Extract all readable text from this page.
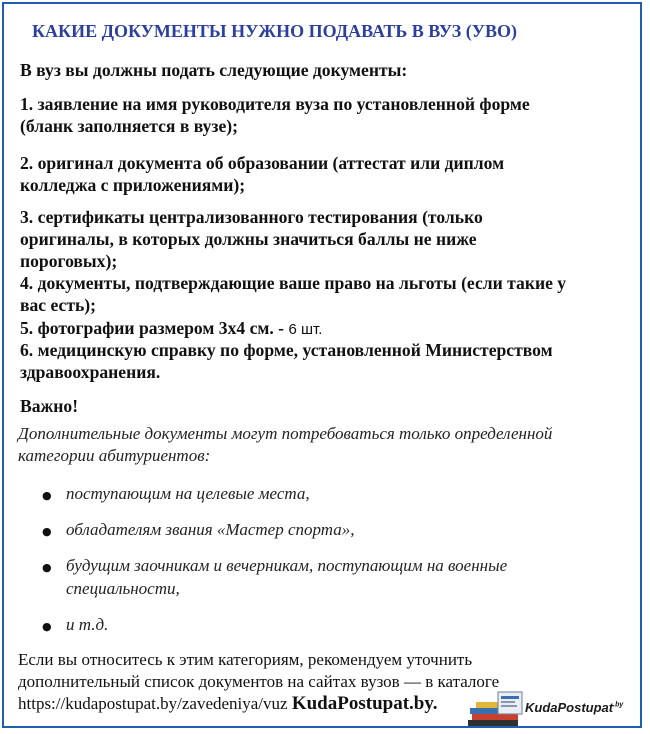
КАКИЕ ДОКУМЕНТЫ НУЖНО ПОДАВАТЬ В ВУЗ (УВО)
В вуз вы должны подать следующие документы:
1. заявление на имя руководителя вуза по установленной форме
(бланк заполняется в вузе);
2. оригинал документа об образовании (аттестат или диплом
колледжа с приложениями);
3. сертификаты централизованного тестирования (только
оригиналы, в которых должны значиться баллы не ниже
пороговых);
4. документы, подтверждающие ваше право на льготы (если такие у
вас есть);
5. фотографии размером 3х4 см. - 6 шт.
6. медицинскую справку по форме, установленной Министерством
здравоохранения.
Важно!
Дополнительные документы могут потребоваться только определенной
категории абитуриентов:
● поступающим на целевые места,
● обладателям звания «Мастер спорта»,
● будущим заочникам и вечерникам, поступающим на военные
специальности,
● и т.д.
Если вы относитесь к этим категориям, рекомендуем уточнить
дополнительный список документов на сайтах вузов — в каталоге
https://kudapostupat.by/zavedeniya/vuz KudaPostupat.by.	KudaPostupat$^{.by}$
